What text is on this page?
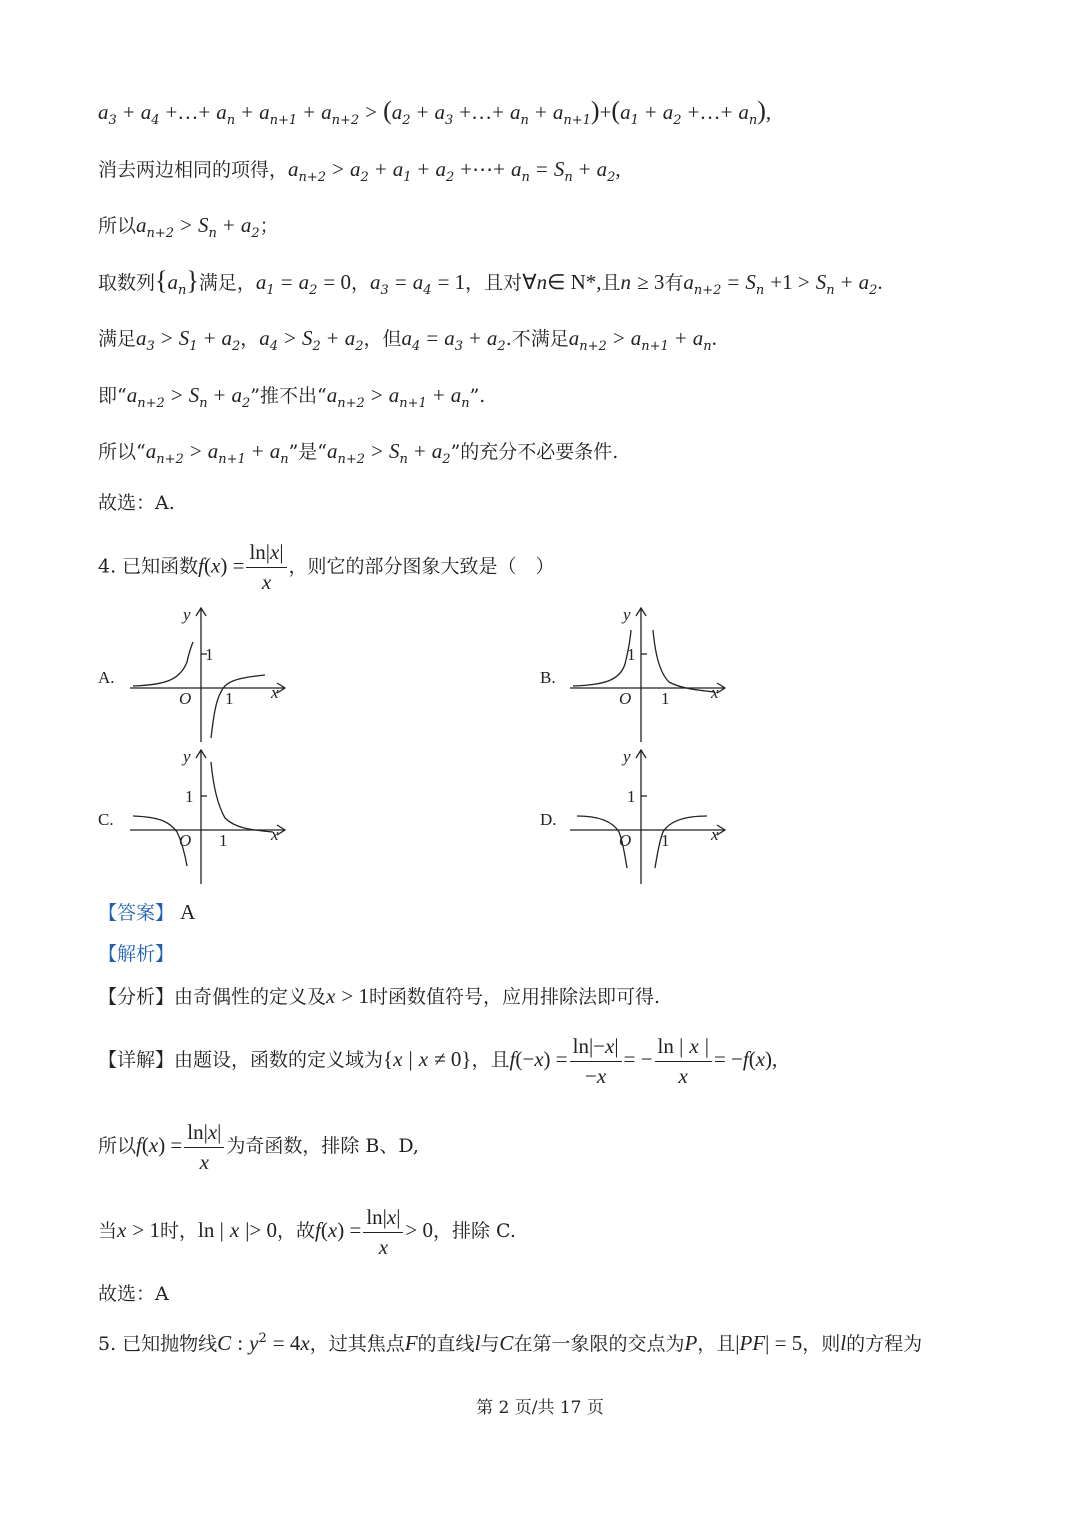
$a_3 + a_4$ +…+ $a_n + a_{n+1} + a_{n+2} > (a_2 + a_3$ +…+ $a_n + a_{n+1})+(a_1 + a_2$ +…+ $a_n$),
消去两边相同的项得，$a_{n+2} > a_2 + a_1 + a_2$ +⋯+ $a_n = S_n + a_2$,
所以$a_{n+2} > S_n + a_2$；
取数列$\{a_n\}$满足，$a_1 = a_2 = 0$，$a_3 = a_4 = 1$，且对∀n∈ N*,且n ≥ 3有$a_{n+2} = S_n +1 > S_n + a_2$.
满足$a_3 > S_1 + a_2$，$a_4 > S_2 + a_2$，但$a_4 = a_3 + a_2$.不满足$a_{n+2} > a_{n+1} + a_n$.
即“$a_{n+2} > S_n + a_2$”推不出“$a_{n+2} > a_{n+1} + a_n$”.
所以“$a_{n+2} > a_{n+1} + a_n$”是“$a_{n+2} > S_n + a_2$”的充分不必要条件.
故选：A.
4. 已知函数$f(x) = \frac{\ln|x|}{x}$ ，则它的部分图象大致是（　）
A.	B.
C.	D.
y
x
O
1
1
y
x
O
1
1
y
x
O
1
1
y
x
O
1
1
【答案】 A
【解析】
【分析】由奇偶性的定义及x > 1时函数值符号，应用排除法即可得.
【详解】由题设，函数的定义域为{x | x ≠ 0}，且$f(-x) = \frac{\ln|-x|}{-x}$ = − $\frac{\ln | x |}{x} = -f(x)$,
所以$f(x) = \frac{\ln|x|}{x}$ 为奇函数，排除 B、D,
当x > 1时，ln | x |> 0，故$f(x) = \frac{\ln|x|}{x} > 0$，排除 C.
故选：A
5. 已知抛物线C : $y^2 = 4x$，过其焦点F的直线l与C在第一象限的交点为P，且|PF| = 5，则l的方程为
第 2 页/共 17 页
